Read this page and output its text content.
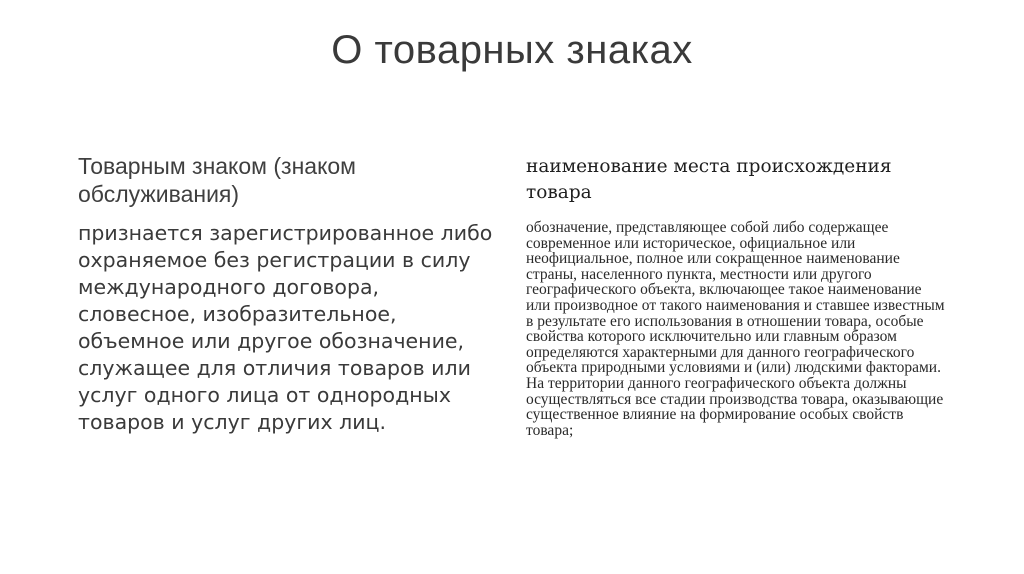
О товарных знаках

Товарным знаком (знаком обслуживания)

признается зарегистрированное либо охраняемое без регистрации в силу международного договора, словесное, изобразительное, объемное или другое обозначение, служащее для отличия товаров или услуг одного лица от однородных товаров и услуг других лиц.

наименование места происхождения товара

обозначение, представляющее собой либо содержащее современное или историческое, официальное или неофициальное, полное или сокращенное наименование страны, населенного пункта, местности или другого географического объекта, включающее такое наименование или производное от такого наименования и ставшее известным в результате его использования в отношении товара, особые свойства которого исключительно или главным образом определяются характерными для данного географического объекта природными условиями и (или) людскими факторами. На территории данного географического объекта должны осуществляться все стадии производства товара, оказывающие существенное влияние на формирование особых свойств товара;
